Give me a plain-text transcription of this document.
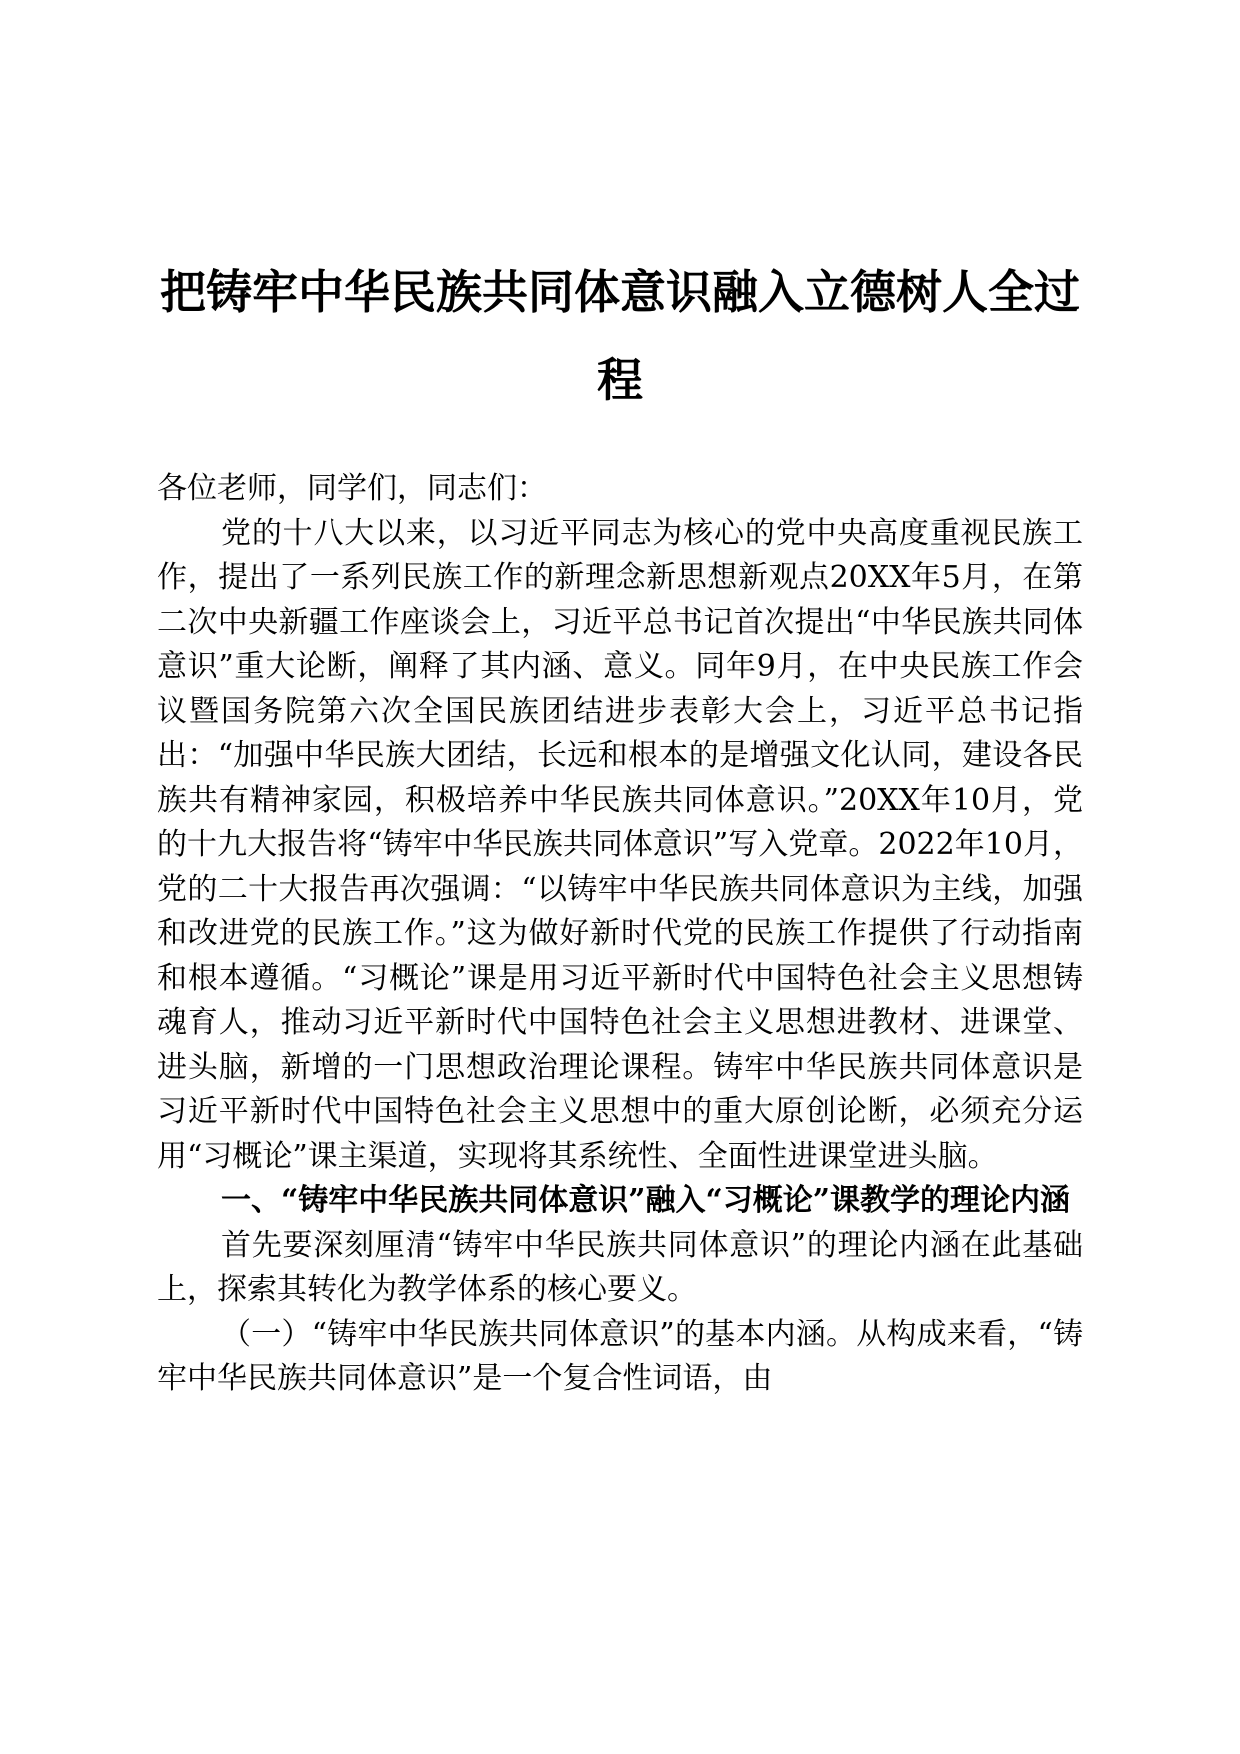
把铸牢中华民族共同体意识融入立德树人全过程

各位老师，同学们，同志们：

党的十八大以来，以习近平同志为核心的党中央高度重视民族工作，提出了一系列民族工作的新理念新思想新观点20XX年5月，在第二次中央新疆工作座谈会上，习近平总书记首次提出“中华民族共同体意识”重大论断，阐释了其内涵、意义。同年9月，在中央民族工作会议暨国务院第六次全国民族团结进步表彰大会上，习近平总书记指出：“加强中华民族大团结，长远和根本的是增强文化认同，建设各民族共有精神家园，积极培养中华民族共同体意识。”20XX年10月，党的十九大报告将“铸牢中华民族共同体意识”写入党章。2022年10月，党的二十大报告再次强调：“以铸牢中华民族共同体意识为主线，加强和改进党的民族工作。”这为做好新时代党的民族工作提供了行动指南和根本遵循。“习概论”课是用习近平新时代中国特色社会主义思想铸魂育人，推动习近平新时代中国特色社会主义思想进教材、进课堂、进头脑，新增的一门思想政治理论课程。铸牢中华民族共同体意识是习近平新时代中国特色社会主义思想中的重大原创论断，必须充分运用“习概论”课主渠道，实现将其系统性、全面性进课堂进头脑。

一、“铸牢中华民族共同体意识”融入“习概论”课教学的理论内涵

首先要深刻厘清“铸牢中华民族共同体意识”的理论内涵在此基础上，探索其转化为教学体系的核心要义。

（一）“铸牢中华民族共同体意识”的基本内涵。从构成来看，“铸牢中华民族共同体意识”是一个复合性词语，由
